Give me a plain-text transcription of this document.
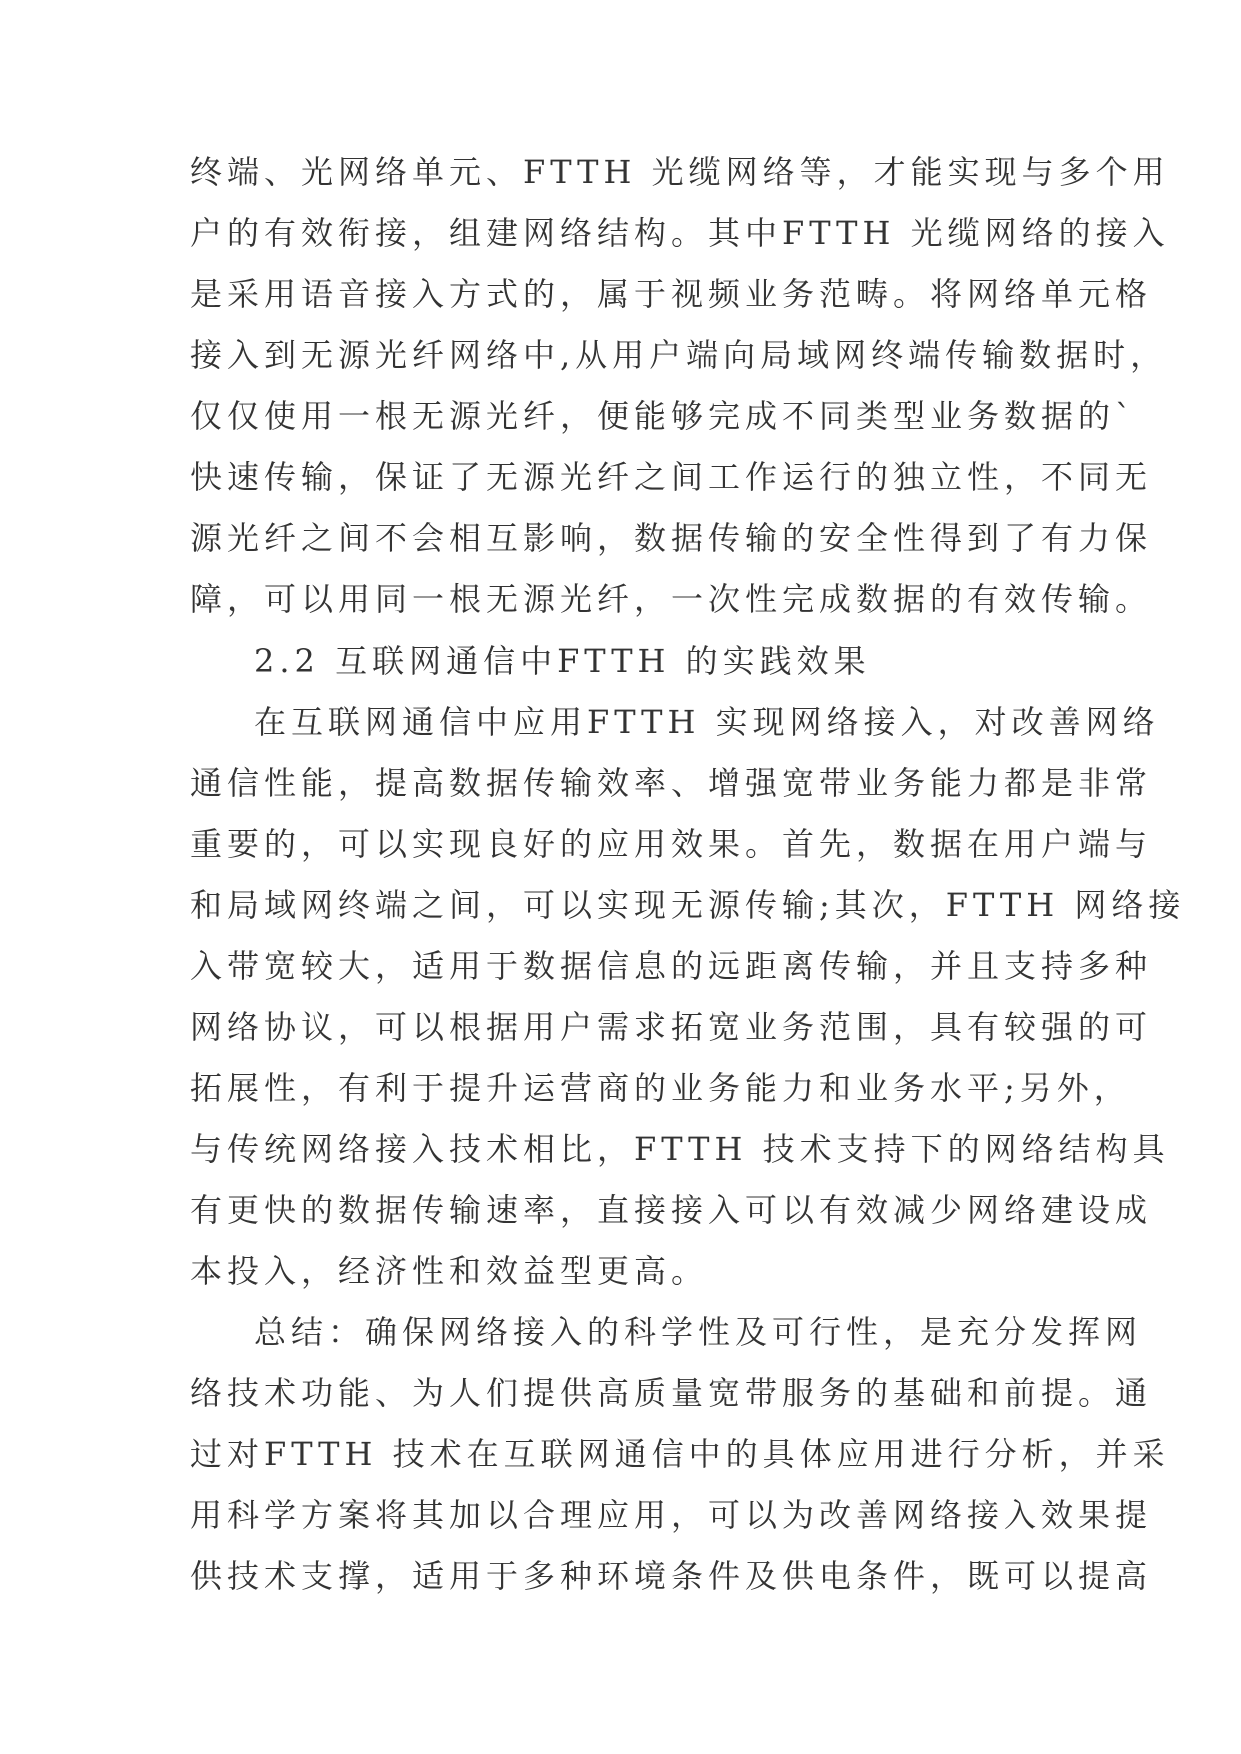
终端、光网络单元、FTTH 光缆网络等，才能实现与多个用
户的有效衔接，组建网络结构。其中FTTH 光缆网络的接入
是采用语音接入方式的，属于视频业务范畴。将网络单元格
接入到无源光纤网络中,从用户端向局域网终端传输数据时，
仅仅使用一根无源光纤，便能够完成不同类型业务数据的`
快速传输，保证了无源光纤之间工作运行的独立性，不同无
源光纤之间不会相互影响，数据传输的安全性得到了有力保
障，可以用同一根无源光纤，一次性完成数据的有效传输。
2.2 互联网通信中FTTH 的实践效果
在互联网通信中应用FTTH 实现网络接入，对改善网络
通信性能，提高数据传输效率、增强宽带业务能力都是非常
重要的，可以实现良好的应用效果。首先，数据在用户端与
和局域网终端之间，可以实现无源传输;其次，FTTH 网络接
入带宽较大，适用于数据信息的远距离传输，并且支持多种
网络协议，可以根据用户需求拓宽业务范围，具有较强的可
拓展性，有利于提升运营商的业务能力和业务水平;另外，
与传统网络接入技术相比，FTTH 技术支持下的网络结构具
有更快的数据传输速率，直接接入可以有效减少网络建设成
本投入，经济性和效益型更高。
总结：确保网络接入的科学性及可行性，是充分发挥网
络技术功能、为人们提供高质量宽带服务的基础和前提。通
过对FTTH 技术在互联网通信中的具体应用进行分析，并采
用科学方案将其加以合理应用，可以为改善网络接入效果提
供技术支撑，适用于多种环境条件及供电条件，既可以提高
